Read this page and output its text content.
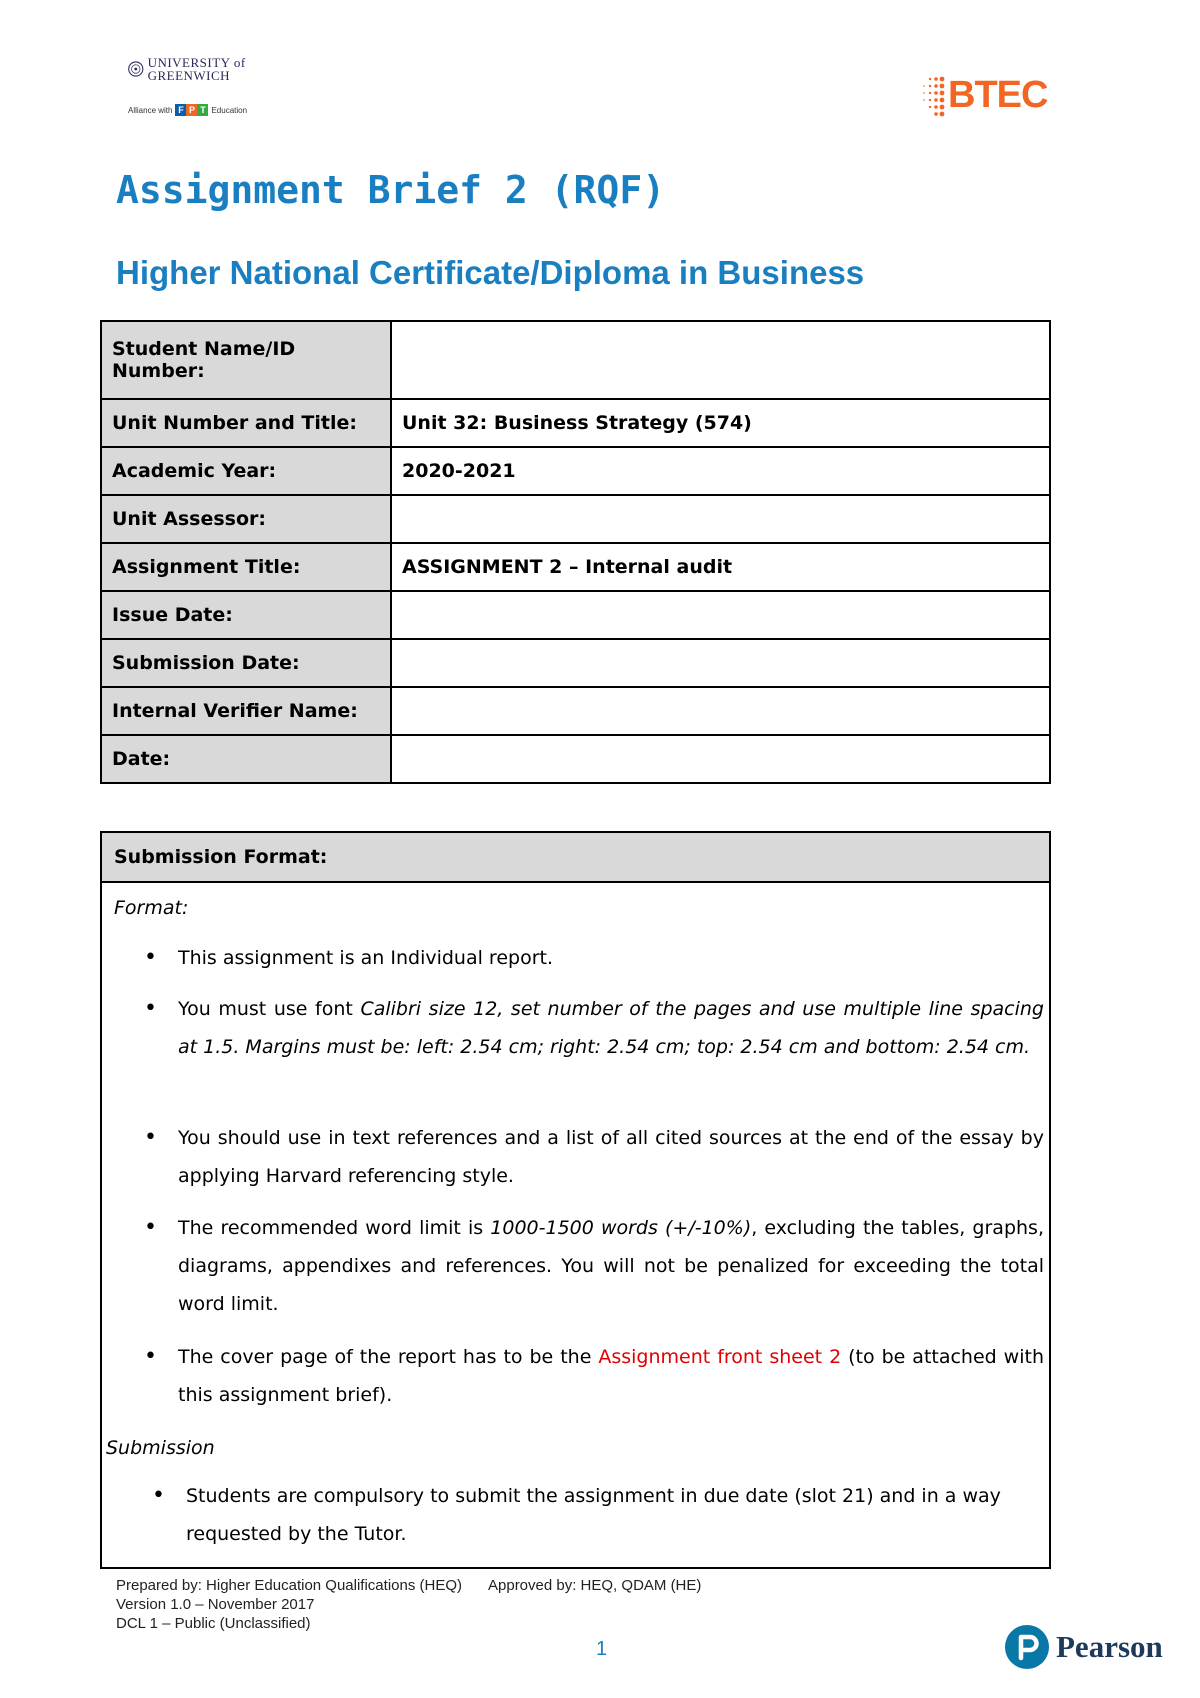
UNIVERSITY of GREENWICH
Alliance with F P T Education	BTEC
Assignment Brief 2 (RQF)
Higher National Certificate/Diploma in Business
Student Name/ID Number:	
Unit Number and Title:	Unit 32: Business Strategy (574)
Academic Year:	2020-2021
Unit Assessor:	
Assignment Title:	ASSIGNMENT 2 – Internal audit
Issue Date:	
Submission Date:	
Internal Verifier Name:	
Date:	
Submission Format:
Format:
• This assignment is an Individual report.
• You must use font Calibri size 12, set number of the pages and use multiple line spacing at 1.5. Margins must be: left: 2.54 cm; right: 2.54 cm; top: 2.54 cm and bottom: 2.54 cm.
• You should use in text references and a list of all cited sources at the end of the essay by applying Harvard referencing style.
• The recommended word limit is 1000-1500 words (+/-10%), excluding the tables, graphs, diagrams, appendixes and references. You will not be penalized for exceeding the total word limit.
• The cover page of the report has to be the Assignment front sheet 2 (to be attached with this assignment brief).
Submission
• Students are compulsory to submit the assignment in due date (slot 21) and in a way requested by the Tutor.
Prepared by: Higher Education Qualifications (HEQ) Approved by: HEQ, QDAM (HE)
Version 1.0 – November 2017
DCL 1 – Public (Unclassified)
1	Pearson
